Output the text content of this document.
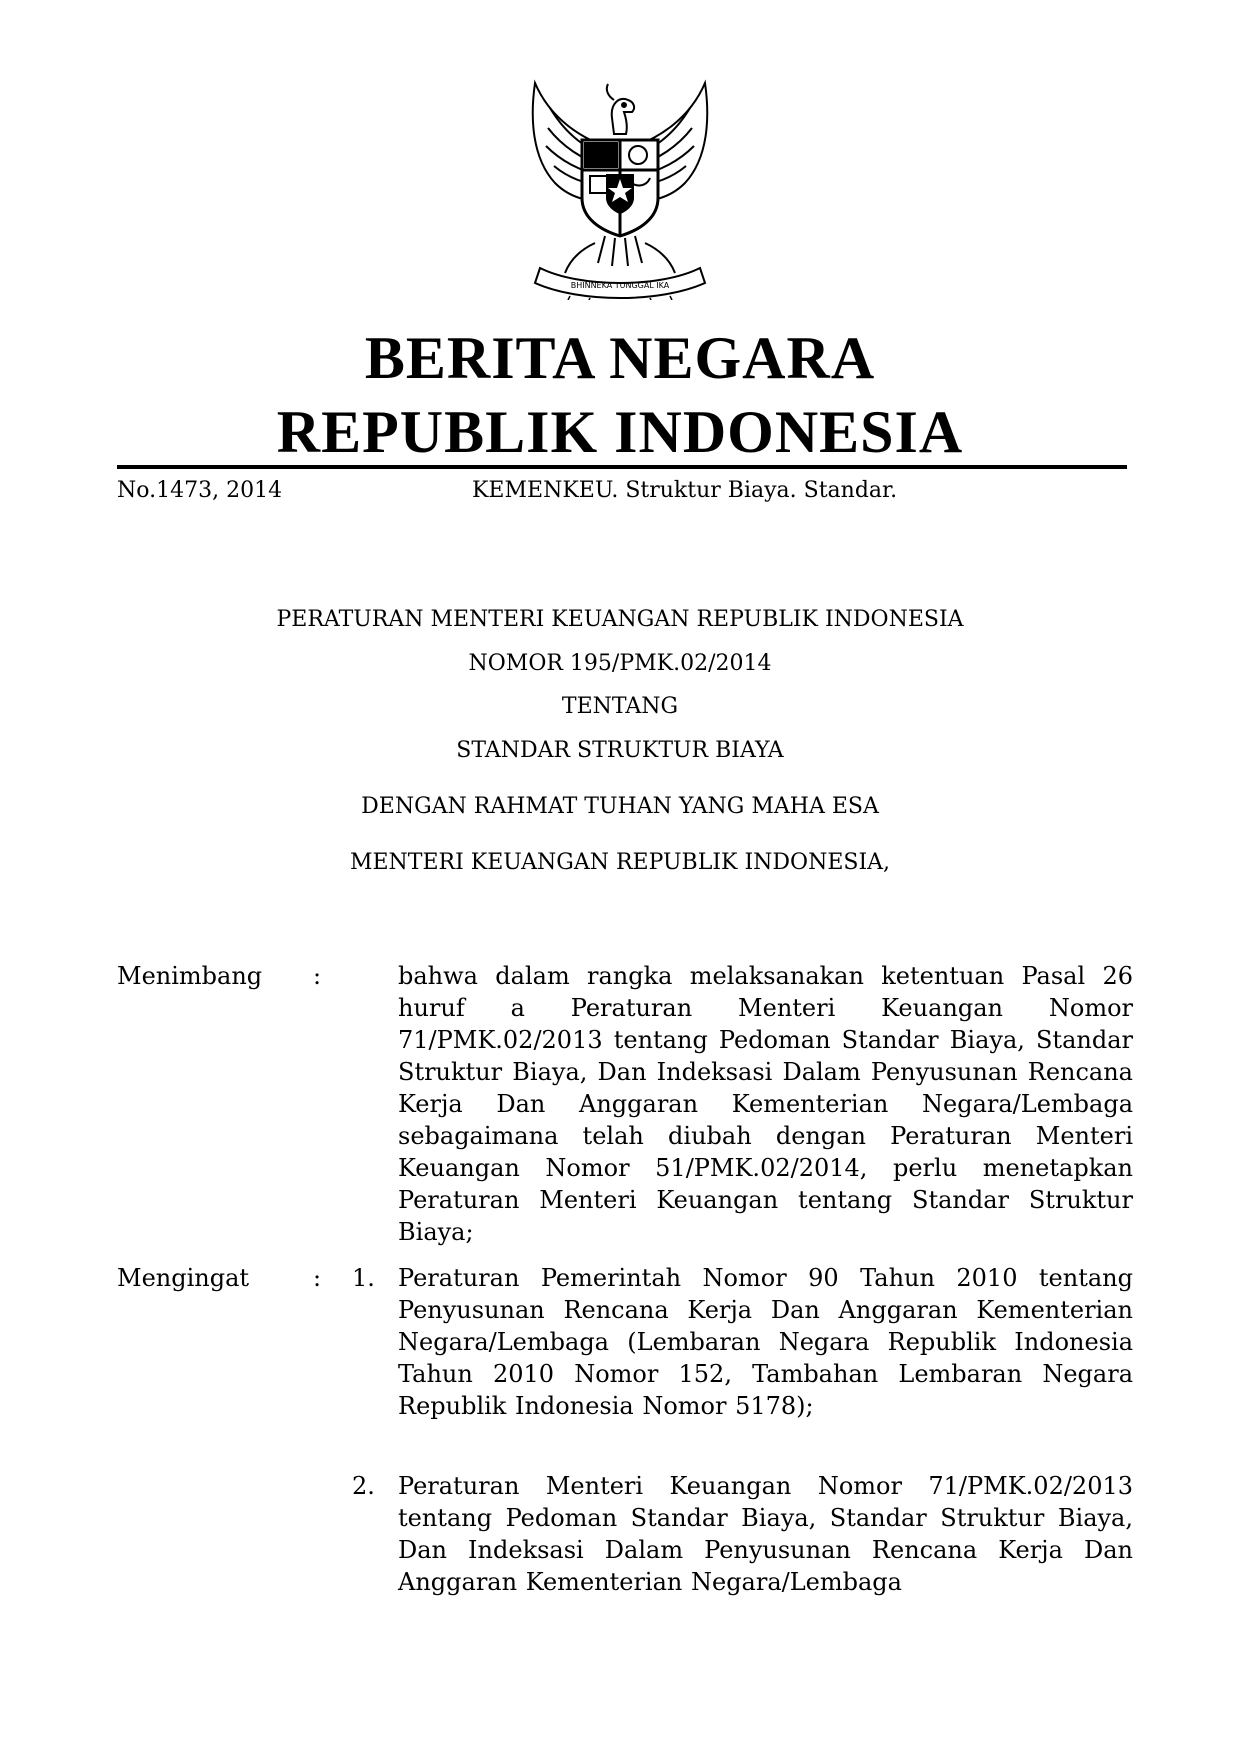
BHINNEKA TUNGGAL IKA
BERITA NEGARA
REPUBLIK INDONESIA
No.1473, 2014	KEMENKEU. Struktur Biaya. Standar.

PERATURAN MENTERI KEUANGAN REPUBLIK INDONESIA

NOMOR 195/PMK.02/2014

TENTANG

STANDAR STRUKTUR BIAYA

DENGAN RAHMAT TUHAN YANG MAHA ESA

MENTERI KEUANGAN REPUBLIK INDONESIA,

Menimbang :	bahwa dalam rangka melaksanakan ketentuan Pasal 26 huruf a Peraturan Menteri Keuangan Nomor 71/PMK.02/2013 tentang Pedoman Standar Biaya, Standar Struktur Biaya, Dan Indeksasi Dalam Penyusunan Rencana Kerja Dan Anggaran Kementerian Negara/Lembaga sebagaimana telah diubah dengan Peraturan Menteri Keuangan Nomor 51/PMK.02/2014, perlu menetapkan Peraturan Menteri Keuangan tentang Standar Struktur Biaya;

Mengingat	: 1. Peraturan Pemerintah Nomor 90 Tahun 2010 tentang Penyusunan Rencana Kerja Dan Anggaran Kementerian Negara/Lembaga (Lembaran Negara Republik Indonesia Tahun 2010 Nomor 152, Tambahan Lembaran Negara Republik Indonesia Nomor 5178);

2. Peraturan Menteri Keuangan Nomor 71/PMK.02/2013 tentang Pedoman Standar Biaya, Standar Struktur Biaya, Dan Indeksasi Dalam Penyusunan Rencana Kerja Dan Anggaran Kementerian Negara/Lembaga
